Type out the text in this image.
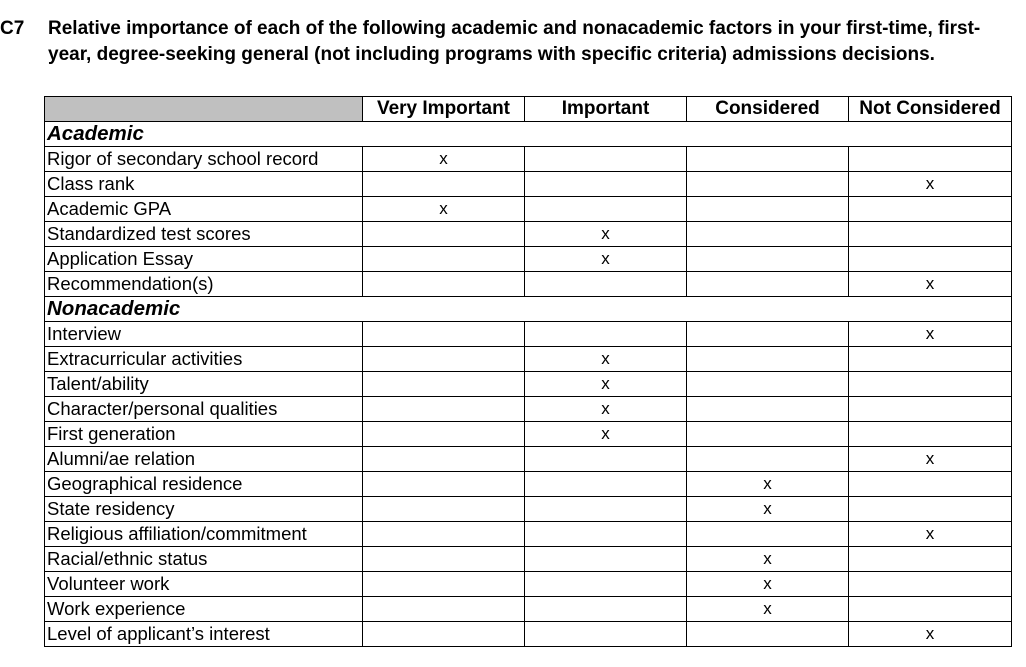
C7	Relative importance of each of the following academic and nonacademic factors in your first-time, first-year, degree-seeking general (not including programs with specific criteria) admissions decisions.
	Very Important	Important	Considered	Not Considered
Academic				
Rigor of secondary school record	x			
Class rank				x
Academic GPA	x			
Standardized test scores		x		
Application Essay		x		
Recommendation(s)				x
Nonacademic				
Interview				x
Extracurricular activities		x		
Talent/ability		x		
Character/personal qualities		x		
First generation		x		
Alumni/ae relation				x
Geographical residence			x	
State residency			x	
Religious affiliation/commitment				x
Racial/ethnic status			x	
Volunteer work			x	
Work experience			x	
Level of applicant’s interest				x
